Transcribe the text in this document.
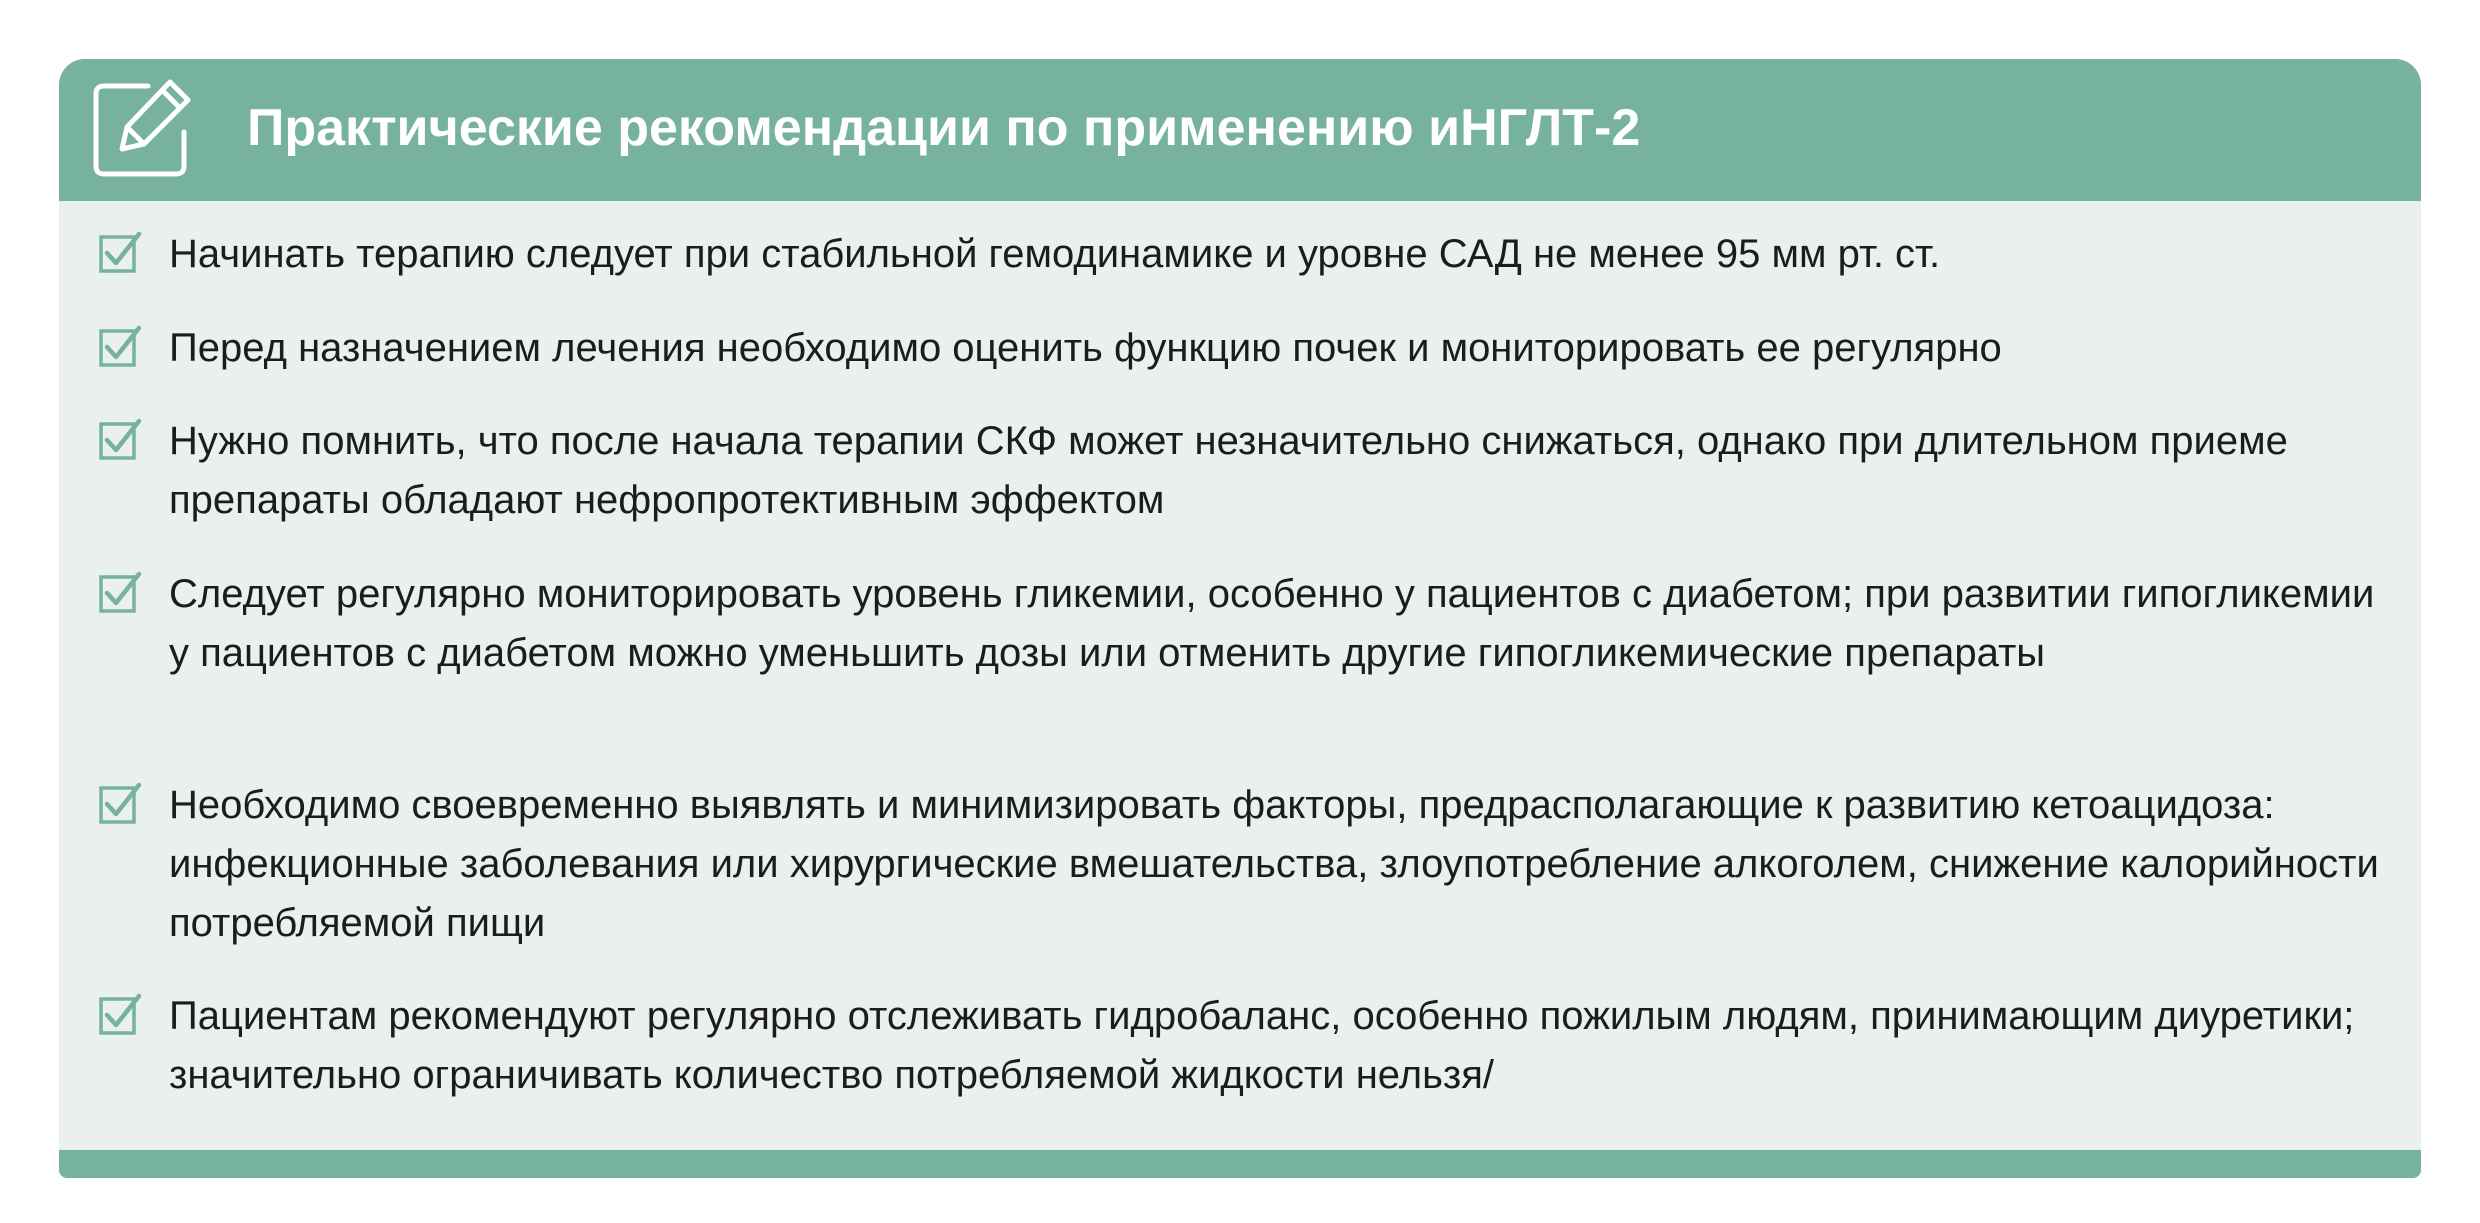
Практические рекомендации по применению иНГЛТ-2
Начинать терапию следует при стабильной гемодинамике и уровне САД не менее 95 мм рт. ст.
Перед назначением лечения необходимо оценить функцию почек и мониторировать ее регулярно
Нужно помнить, что после начала терапии СКФ может незначительно снижаться, однако при длительном приеме препараты обладают нефропротективным эффектом
Следует регулярно мониторировать уровень гликемии, особенно у пациентов с диабетом; при развитии гипогликемии у пациентов с диабетом можно уменьшить дозы или отменить другие гипогликемические препараты
Необходимо своевременно выявлять и минимизировать факторы, предрасполагающие к развитию кетоацидоза: инфекционные заболевания или хирургические вмешательства, злоупотребление алкоголем, снижение калорийности потребляемой пищи
Пациентам рекомендуют регулярно отслеживать гидробаланс, особенно пожилым людям, принимающим диуретики; значительно ограничивать количество потребляемой жидкости нельзя/
